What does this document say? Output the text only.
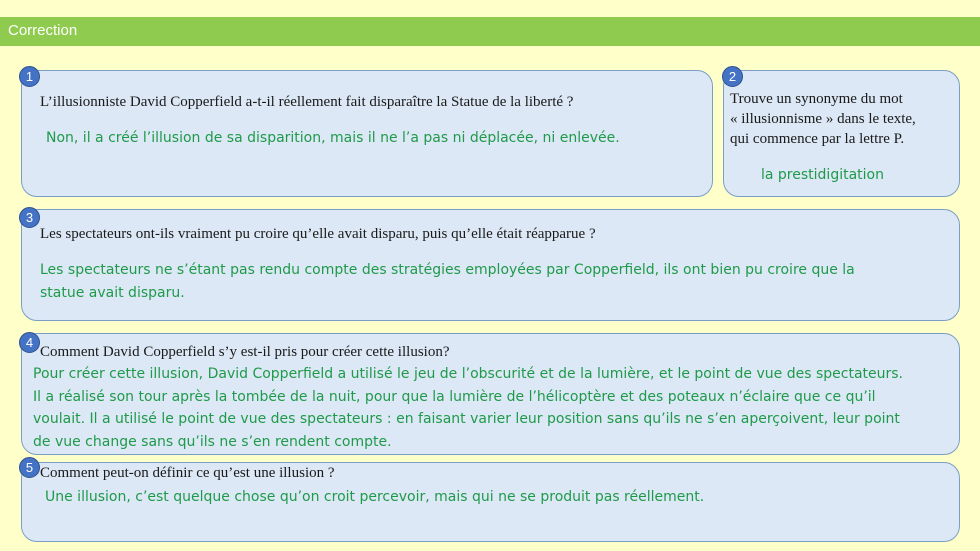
Correction
1
L’illusionniste David Copperfield a-t-il réellement fait disparaître la Statue de la liberté ?
Non, il a créé l’illusion de sa disparition, mais il ne l’a pas ni déplacée, ni enlevée.
2
Trouve un synonyme du mot
« illusionnisme » dans le texte,
qui commence par la lettre P.
la prestidigitation
3
Les spectateurs ont-ils vraiment pu croire qu’elle avait disparu, puis qu’elle était réapparue ?
Les spectateurs ne s’étant pas rendu compte des stratégies employées par Copperfield, ils ont bien pu croire que la
statue avait disparu.
4
Comment David Copperfield s’y est-il pris pour créer cette illusion?
Pour créer cette illusion, David Copperfield a utilisé le jeu de l’obscurité et de la lumière, et le point de vue des spectateurs.
Il a réalisé son tour après la tombée de la nuit, pour que la lumière de l’hélicoptère et des poteaux n’éclaire que ce qu’il
voulait. Il a utilisé le point de vue des spectateurs : en faisant varier leur position sans qu’ils ne s’en aperçoivent, leur point
de vue change sans qu’ils ne s’en rendent compte.
5 Comment peut-on définir ce qu’est une illusion ?
Une illusion, c’est quelque chose qu’on croit percevoir, mais qui ne se produit pas réellement.
